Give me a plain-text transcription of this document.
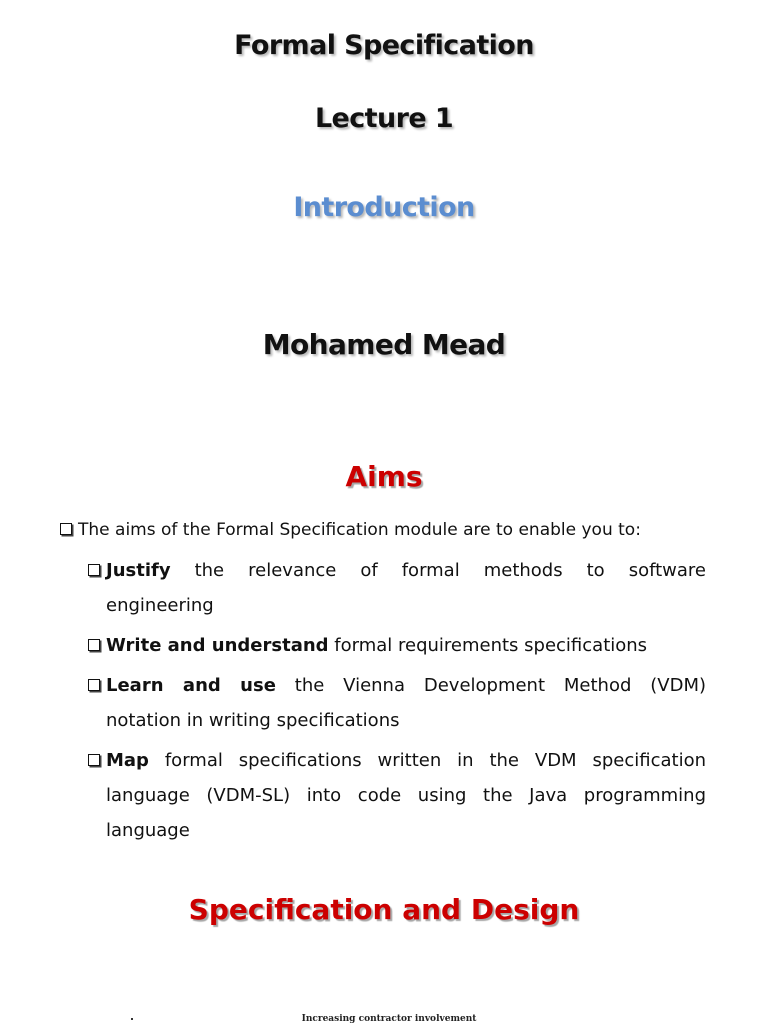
Formal Specification
Lecture 1
Introduction
Mohamed Mead
Aims
The aims of the Formal Specification module are to enable you to:
Justify the relevance of formal methods to software
engineering
Write and understand formal requirements specifications
Learn and use the Vienna Development Method (VDM)
notation in writing specifications
Map formal specifications written in the VDM specification
language (VDM-SL) into code using the Java programming
language
Specification and Design
Increasing contractor involvement
